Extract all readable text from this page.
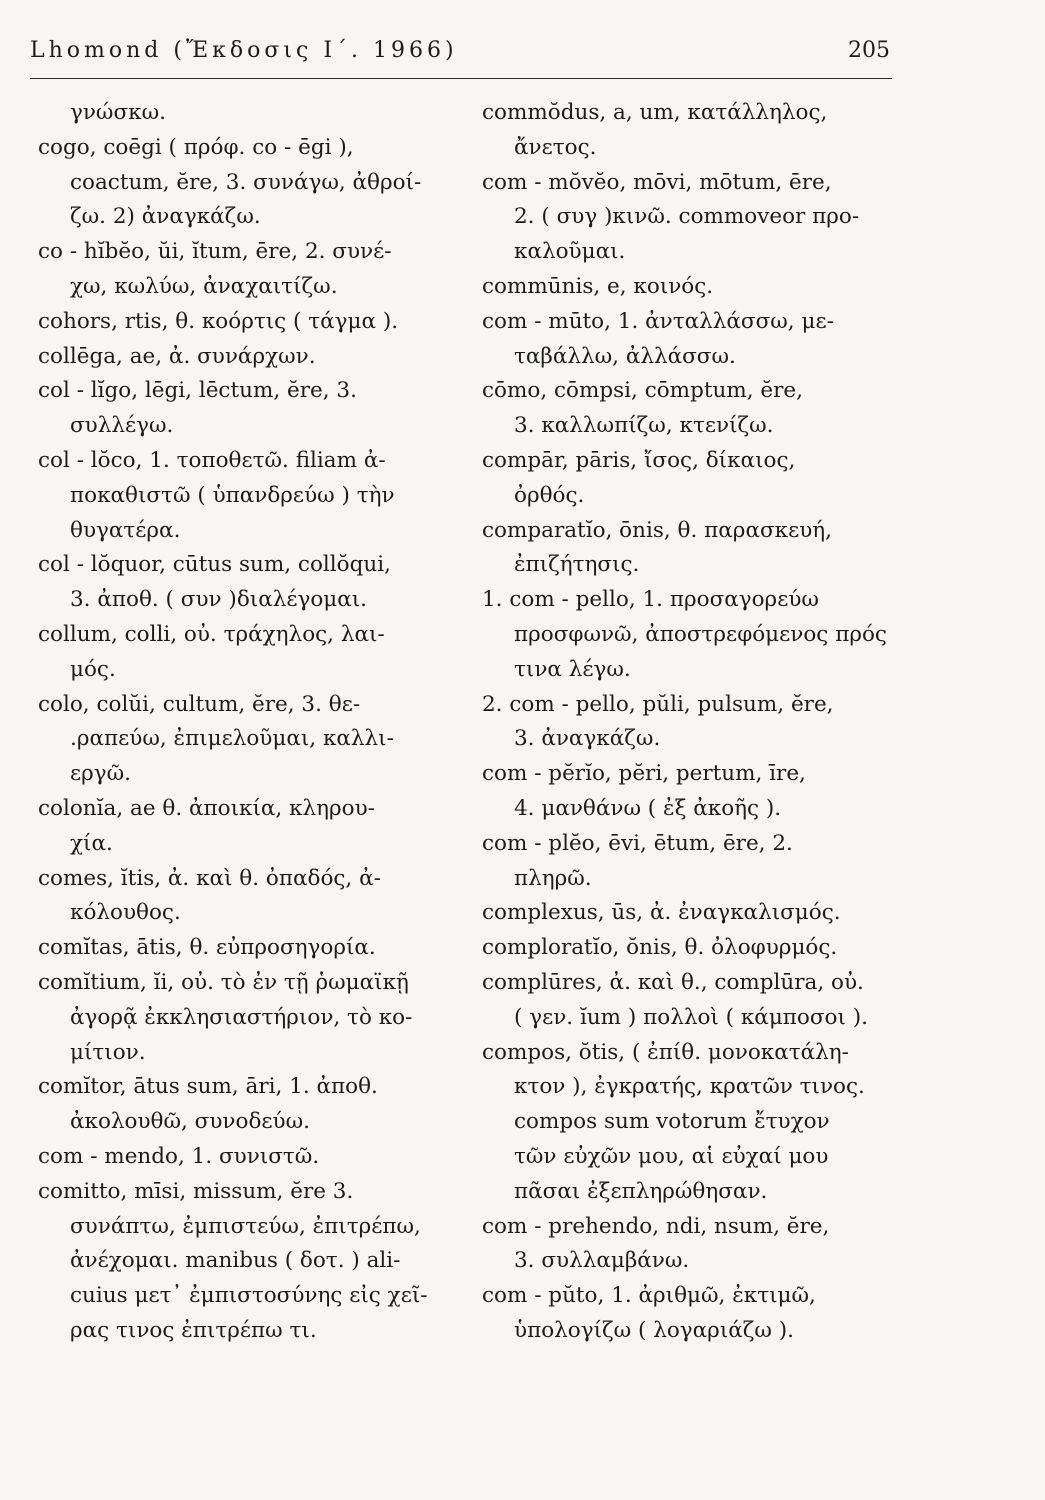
Lhomond (Ἔκδοσις Ι΄. 1966)	205
γνώσκω.
cogo, coēgi ( πρόφ. co - ēgi ),
coactum, ĕre, 3. συνάγω, ἀθροί-
ζω. 2) ἀναγκάζω.
co - hĭbĕo, ŭi, ĭtum, ēre, 2. συνέ-
χω, κωλύω, ἀναχαιτίζω.
cohors, rtis, θ. κοόρτις ( τάγμα ).
collēga, ae, ἀ. συνάρχων.
col - lĭgo, lēgi, lēctum, ĕre, 3.
συλλέγω.
col - lŏco, 1. τοποθετῶ. filiam ἀ-
ποκαθιστῶ ( ὑπανδρεύω ) τὴν
θυγατέρα.
col - lŏquor, cūtus sum, collŏqui,
3. ἀποθ. ( συν )διαλέγομαι.
collum, colli, οὐ. τράχηλος, λαι-
μός.
colo, colŭi, cultum, ĕre, 3. θε-
.ραπεύω, ἐπιμελοῦμαι, καλλι-
εργῶ.
colonĭa, ae θ. ἀποικία, κληρου-
χία.
comes, ĭtis, ἀ. καὶ θ. ὀπαδός, ἀ-
κόλουθος.
comĭtas, ātis, θ. εὐπροσηγορία.
comĭtium, ĭi, οὐ. τὸ ἐν τῇ ῥωμαϊκῇ
ἀγορᾷ ἐκκλησιαστήριον, τὸ κο-
μίτιον.
comĭtor, ātus sum, āri, 1. ἀποθ.
ἀκολουθῶ, συνοδεύω.
com - mendo, 1. συνιστῶ.
comitto, mīsi, missum, ĕre 3.
συνάπτω, ἐμπιστεύω, ἐπιτρέπω,
ἀνέχομαι. manibus ( δοτ. ) ali-
cuius μετ᾽ ἐμπιστοσύνης εἰς χεῖ-
ρας τινος ἐπιτρέπω τι.
commŏdus, a, um, κατάλληλος,
ἄνετος.
com - mŏvĕo, mōvi, mōtum, ēre,
2. ( συγ )κινῶ. commoveor προ-
καλοῦμαι.
commūnis, e, κοινός.
com - mūto, 1. ἀνταλλάσσω, με-
ταβάλλω, ἀλλάσσω.
cōmo, cōmpsi, cōmptum, ĕre,
3. καλλωπίζω, κτενίζω.
compār, pāris, ἴσος, δίκαιος,
ὀρθός.
comparatĭo, ōnis, θ. παρασκευή,
ἐπιζήτησις.
1. com - pello, 1. προσαγορεύω
προσφωνῶ, ἀποστρεφόμενος πρός
τινα λέγω.
2. com - pello, pŭli, pulsum, ĕre,
3. ἀναγκάζω.
com - pĕrĭo, pĕri, pertum, īre,
4. μανθάνω ( ἐξ ἀκοῆς ).
com - plĕo, ēvi, ētum, ēre, 2.
πληρῶ.
complexus, ūs, ἀ. ἐναγκαλισμός.
comploratĭo, ŏnis, θ. ὀλοφυρμός.
complūres, ἀ. καὶ θ., complūra, οὐ.
( γεν. ĭum ) πολλοὶ ( κάμποσοι ).
compos, ŏtis, ( ἐπίθ. μονοκατάλη-
κτον ), ἐγκρατής, κρατῶν τινος.
compos sum votorum ἔτυχον
τῶν εὐχῶν μου, αἱ εὐχαί μου
πᾶσαι ἐξεπληρώθησαν.
com - prehendo, ndi, nsum, ĕre,
3. συλλαμβάνω.
com - pŭto, 1. ἀριθμῶ, ἐκτιμῶ,
ὑπολογίζω ( λογαριάζω ).
